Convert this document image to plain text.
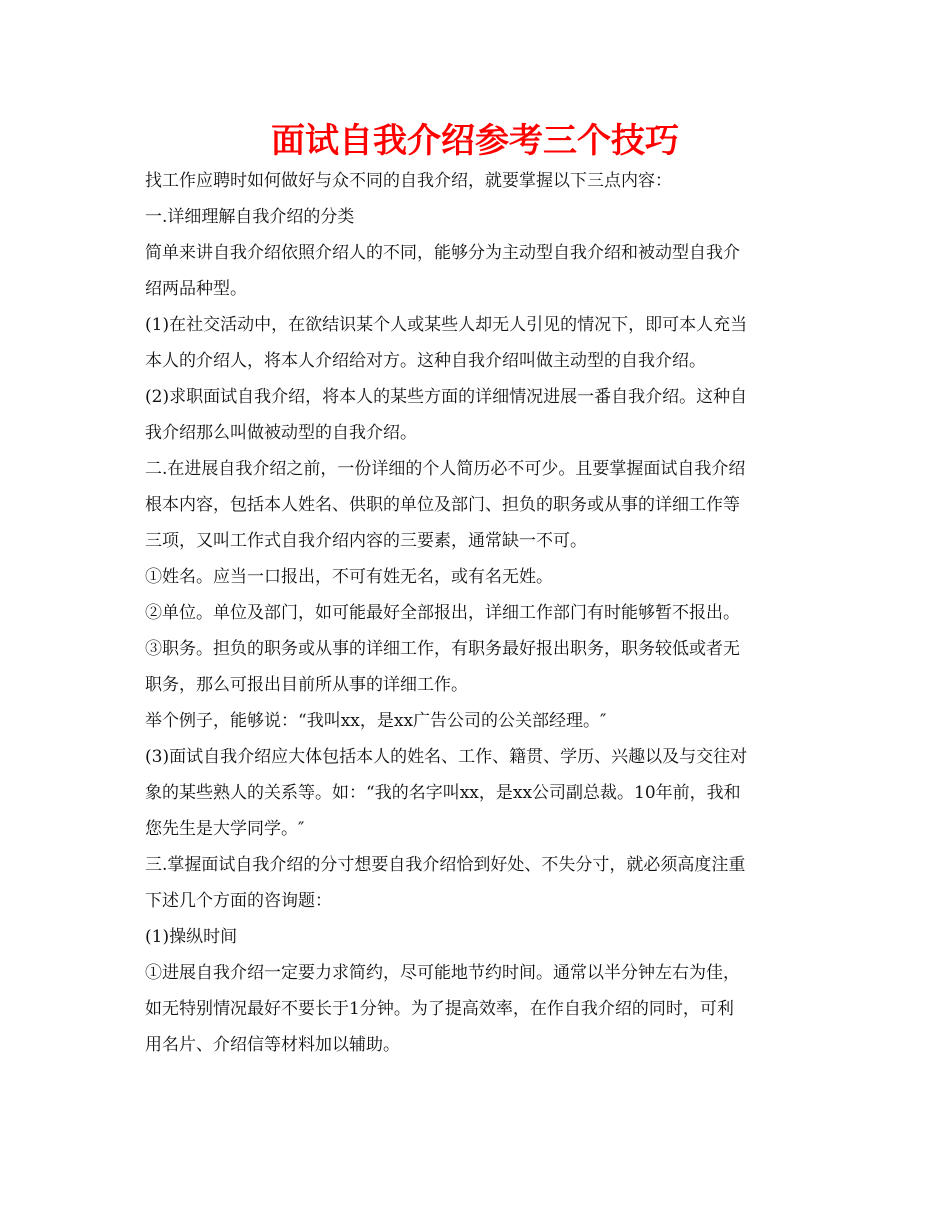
面试自我介绍参考三个技巧
找工作应聘时如何做好与众不同的自我介绍，就要掌握以下三点内容：
一.详细理解自我介绍的分类
简单来讲自我介绍依照介绍人的不同，能够分为主动型自我介绍和被动型自我介
绍两品种型。
(1)在社交活动中，在欲结识某个人或某些人却无人引见的情况下，即可本人充当
本人的介绍人，将本人介绍给对方。这种自我介绍叫做主动型的自我介绍。
(2)求职面试自我介绍，将本人的某些方面的详细情况进展一番自我介绍。这种自
我介绍那么叫做被动型的自我介绍。
二.在进展自我介绍之前，一份详细的个人简历必不可少。且要掌握面试自我介绍
根本内容，包括本人姓名、供职的单位及部门、担负的职务或从事的详细工作等
三项，又叫工作式自我介绍内容的三要素，通常缺一不可。
①姓名。应当一口报出，不可有姓无名，或有名无姓。
②单位。单位及部门，如可能最好全部报出，详细工作部门有时能够暂不报出。
③职务。担负的职务或从事的详细工作，有职务最好报出职务，职务较低或者无
职务，那么可报出目前所从事的详细工作。
举个例子，能够说：“我叫xx，是xx广告公司的公关部经理。″
(3)面试自我介绍应大体包括本人的姓名、工作、籍贯、学历、兴趣以及与交往对
象的某些熟人的关系等。如：“我的名字叫xx，是xx公司副总裁。10年前，我和
您先生是大学同学。″
三.掌握面试自我介绍的分寸想要自我介绍恰到好处、不失分寸，就必须高度注重
下述几个方面的咨询题：
(1)操纵时间
①进展自我介绍一定要力求简约，尽可能地节约时间。通常以半分钟左右为佳，
如无特别情况最好不要长于1分钟。为了提高效率，在作自我介绍的同时，可利
用名片、介绍信等材料加以辅助。
